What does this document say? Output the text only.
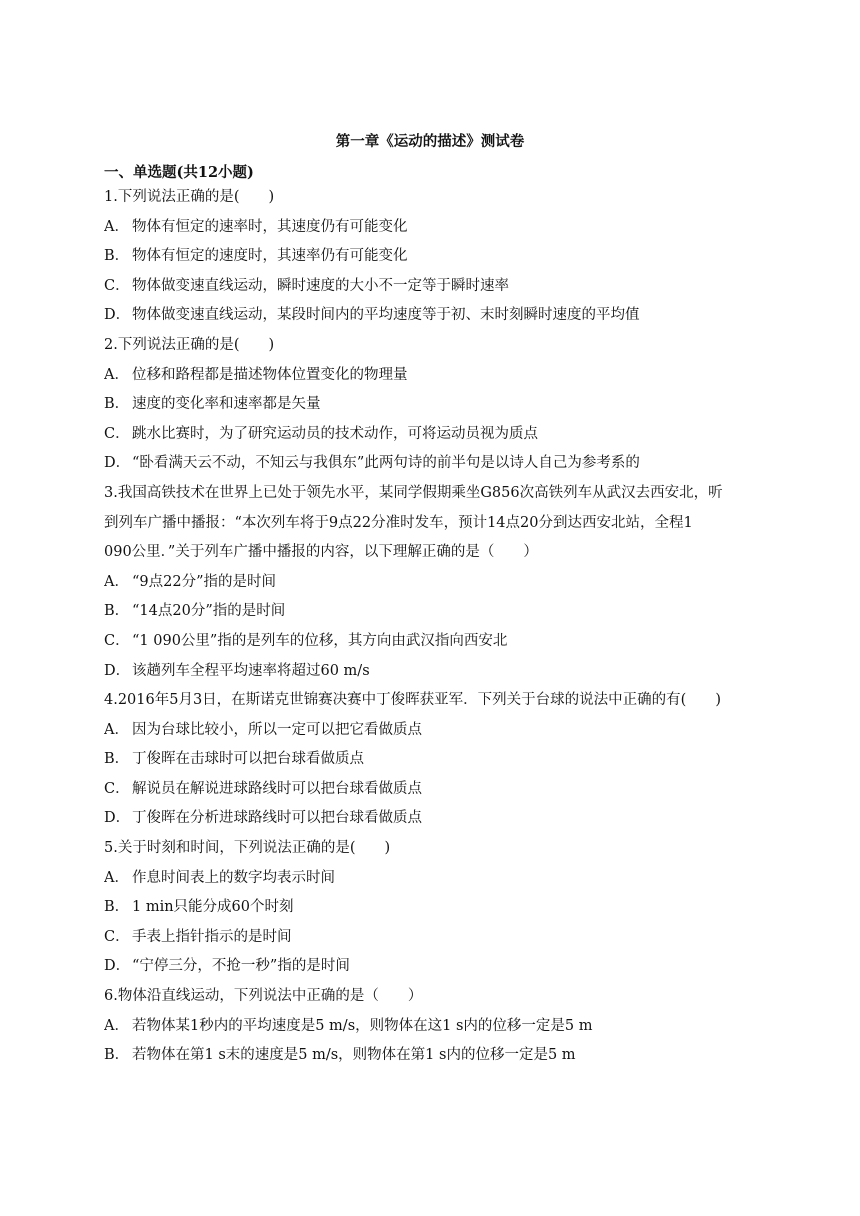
第一章《运动的描述》测试卷
一、单选题(共12小题)
1.下列说法正确的是(　　)
A． 物体有恒定的速率时，其速度仍有可能变化
B． 物体有恒定的速度时，其速率仍有可能变化
C． 物体做变速直线运动，瞬时速度的大小不一定等于瞬时速率
D． 物体做变速直线运动，某段时间内的平均速度等于初、末时刻瞬时速度的平均值
2.下列说法正确的是(　　)
A． 位移和路程都是描述物体位置变化的物理量
B． 速度的变化率和速率都是矢量
C． 跳水比赛时，为了研究运动员的技术动作，可将运动员视为质点
D． “卧看满天云不动，不知云与我俱东”此两句诗的前半句是以诗人自己为参考系的
3.我国高铁技术在世界上已处于领先水平，某同学假期乘坐G856次高铁列车从武汉去西安北，听
到列车广播中播报：“本次列车将于9点22分准时发车，预计14点20分到达西安北站，全程1
090公里．”关于列车广播中播报的内容，以下理解正确的是（　　）
A． “9点22分”指的是时间
B． “14点20分”指的是时间
C． “1 090公里”指的是列车的位移，其方向由武汉指向西安北
D． 该趟列车全程平均速率将超过60 m/s
4.2016年5月3日，在斯诺克世锦赛决赛中丁俊晖获亚军．下列关于台球的说法中正确的有(　　)
A． 因为台球比较小，所以一定可以把它看做质点
B． 丁俊晖在击球时可以把台球看做质点
C． 解说员在解说进球路线时可以把台球看做质点
D． 丁俊晖在分析进球路线时可以把台球看做质点
5.关于时刻和时间，下列说法正确的是(　　)
A． 作息时间表上的数字均表示时间
B． 1 min只能分成60个时刻
C． 手表上指针指示的是时间
D． “宁停三分，不抢一秒”指的是时间
6.物体沿直线运动，下列说法中正确的是（　　）
A． 若物体某1秒内的平均速度是5 m/s，则物体在这1 s内的位移一定是5 m
B． 若物体在第1 s末的速度是5 m/s，则物体在第1 s内的位移一定是5 m
